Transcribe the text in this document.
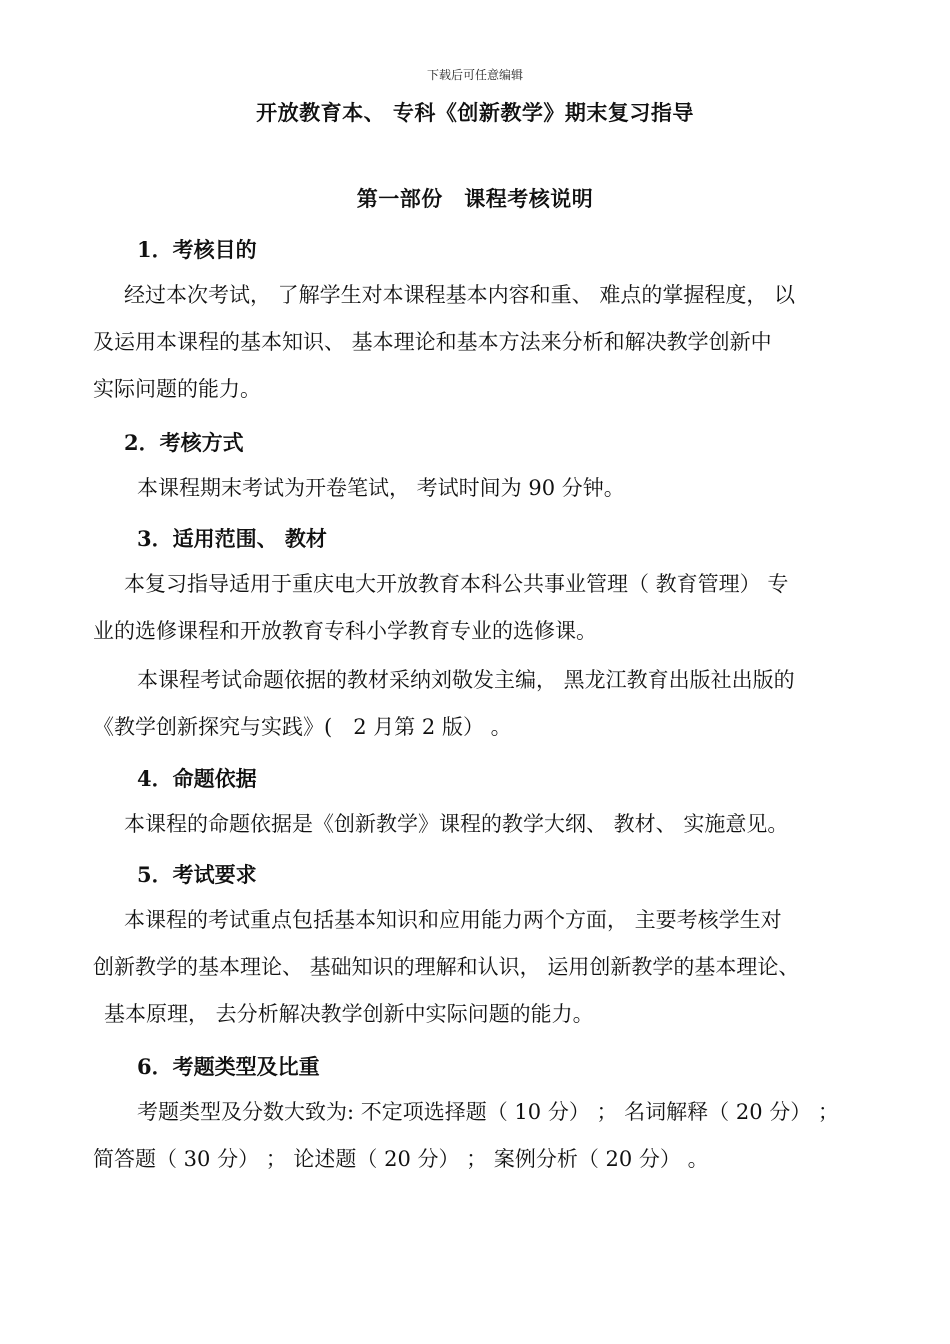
下载后可任意编辑
开放教育本、 专科《创新教学》期末复习指导
第一部份　课程考核说明
1．考核目的
经过本次考试， 了解学生对本课程基本内容和重、 难点的掌握程度， 以
及运用本课程的基本知识、 基本理论和基本方法来分析和解决教学创新中
实际问题的能力。
2．考核方式
本课程期末考试为开卷笔试， 考试时间为 90 分钟。
3．适用范围、 教材
本复习指导适用于重庆电大开放教育本科公共事业管理（ 教育管理） 专
业的选修课程和开放教育专科小学教育专业的选修课。
本课程考试命题依据的教材采纳刘敬发主编， 黑龙江教育出版社出版的
《教学创新探究与实践》(　2 月第 2 版） 。
4．命题依据
本课程的命题依据是《创新教学》课程的教学大纲、 教材、 实施意见。
5．考试要求
本课程的考试重点包括基本知识和应用能力两个方面， 主要考核学生对
创新教学的基本理论、 基础知识的理解和认识， 运用创新教学的基本理论、
基本原理， 去分析解决教学创新中实际问题的能力。
6．考题类型及比重
考题类型及分数大致为: 不定项选择题（ 10 分） ； 名词解释（ 20 分） ；
简答题（ 30 分） ； 论述题（ 20 分） ； 案例分析（ 20 分） 。
